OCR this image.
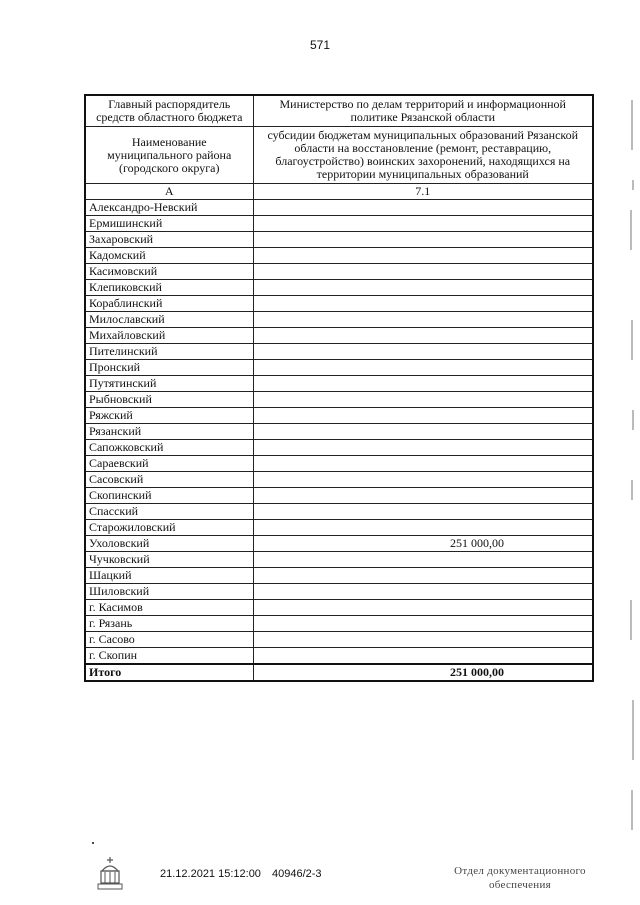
571
Главный распорядитель средств областного бюджета	Министерство по делам территорий и информационной политике Рязанской области
Наименование муниципального района (городского округа)	субсидии бюджетам муниципальных образований Рязанской области на восстановление (ремонт, реставрацию, благоустройство) воинских захоронений, находящихся на территории муниципальных образований
А	7.1
Александро-Невский	
Ермишинский	
Захаровский	
Кадомский	
Касимовский	
Клепиковский	
Кораблинский	
Милославский	
Михайловский	
Пителинский	
Пронский	
Путятинский	
Рыбновский	
Ряжский	
Рязанский	
Сапожковский	
Сараевский	
Сасовский	
Скопинский	
Спасский	
Старожиловский	
Ухоловский	251 000,00
Чучковский	
Шацкий	
Шиловский	
г. Касимов	
г. Рязань	
г. Сасово	
г. Скопин	
Итого	251 000,00
21.12.2021 15:12:00 40946/2-3	Отдел документационного обеспечения
